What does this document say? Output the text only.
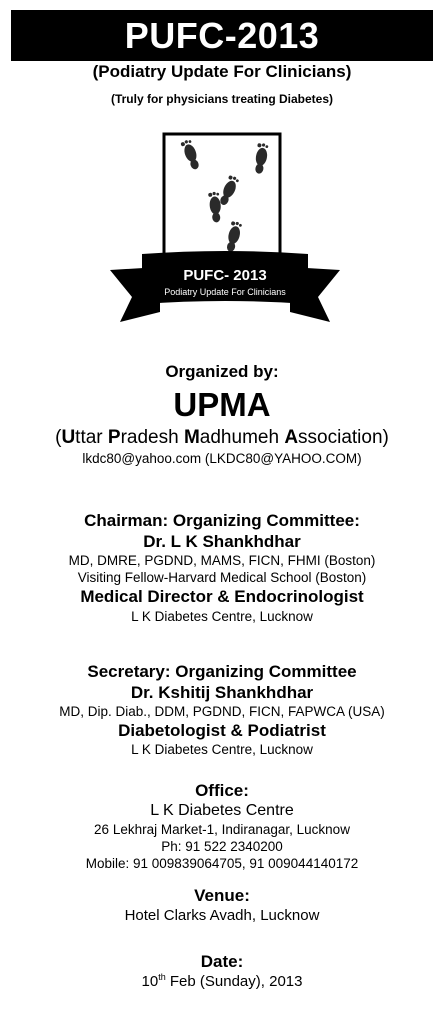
PUFC-2013
(Podiatry Update For Clinicians)
(Truly for physicians treating Diabetes)
PUFC- 2013
Podiatry Update For Clinicians
Organized by:
UPMA
(Uttar Pradesh Madhumeh Association)
lkdc80@yahoo.com (LKDC80@YAHOO.COM)
Chairman: Organizing Committee:
Dr. L K Shankhdhar
MD, DMRE, PGDND, MAMS, FICN, FHMI (Boston)
Visiting Fellow-Harvard Medical School (Boston)
Medical Director & Endocrinologist
L K Diabetes Centre, Lucknow
Secretary: Organizing Committee
Dr. Kshitij Shankhdhar
MD, Dip. Diab., DDM, PGDND, FICN, FAPWCA (USA)
Diabetologist & Podiatrist
L K Diabetes Centre, Lucknow
Office:
L K Diabetes Centre
26 Lekhraj Market-1, Indiranagar, Lucknow
Ph: 91 522 2340200
Mobile: 91 009839064705, 91 009044140172
Venue:
Hotel Clarks Avadh, Lucknow
Date:
10th Feb (Sunday), 2013
